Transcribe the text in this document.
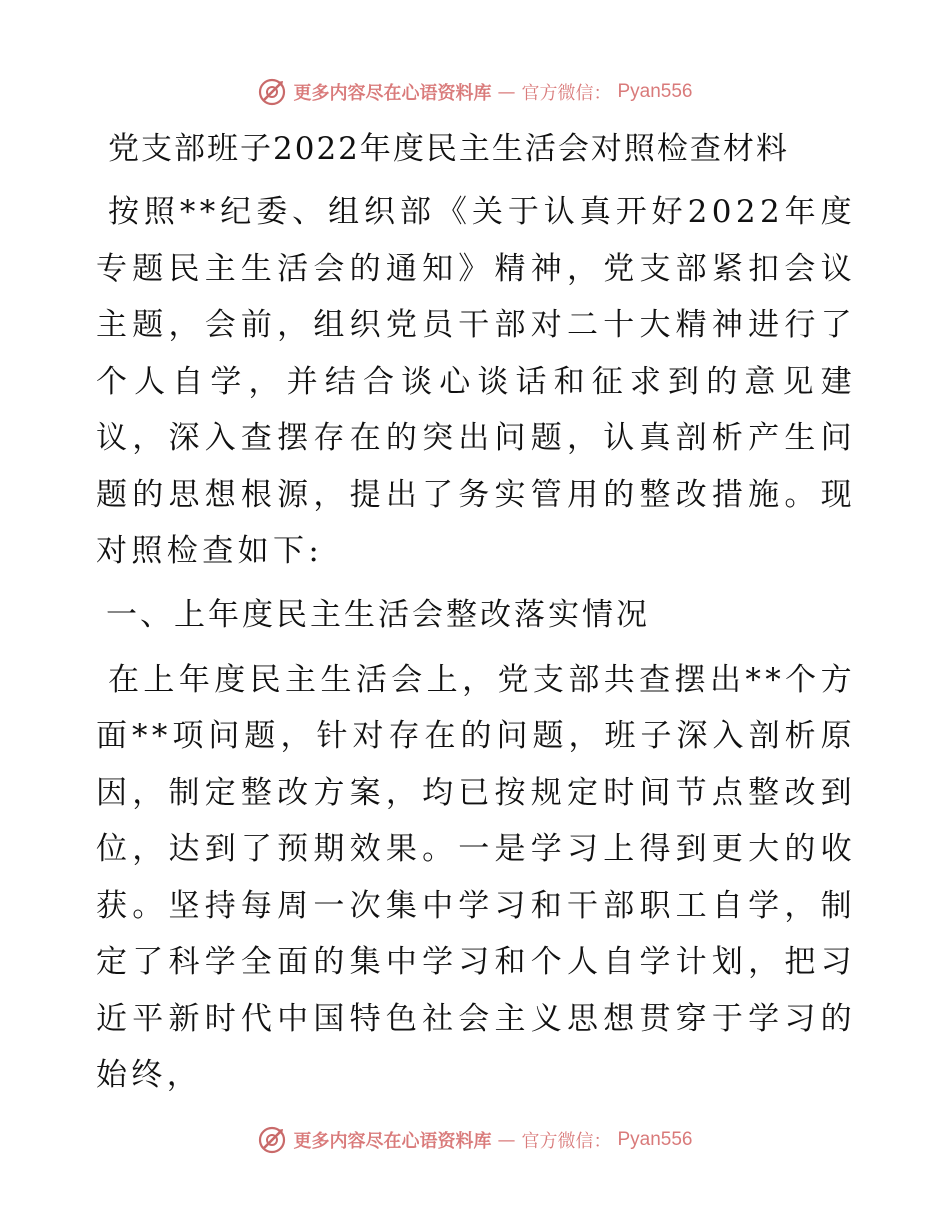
更多内容尽在心语资料库 — 官方微信： Pyan556
党支部班子2022年度民主生活会对照检查材料

按照**纪委、组织部《关于认真开好2022年度专题民主生活会的通知》精神，党支部紧扣会议主题，会前，组织党员干部对二十大精神进行了个人自学，并结合谈心谈话和征求到的意见建议，深入查摆存在的突出问题，认真剖析产生问题的思想根源，提出了务实管用的整改措施。现对照检查如下:

一、上年度民主生活会整改落实情况

在上年度民主生活会上，党支部共查摆出**个方面**项问题，针对存在的问题，班子深入剖析原因，制定整改方案，均已按规定时间节点整改到位，达到了预期效果。一是学习上得到更大的收获。坚持每周一次集中学习和干部职工自学，制定了科学全面的集中学习和个人自学计划，把习近平新时代中国特色社会主义思想贯穿于学习的始终，

更多内容尽在心语资料库 — 官方微信： Pyan556
